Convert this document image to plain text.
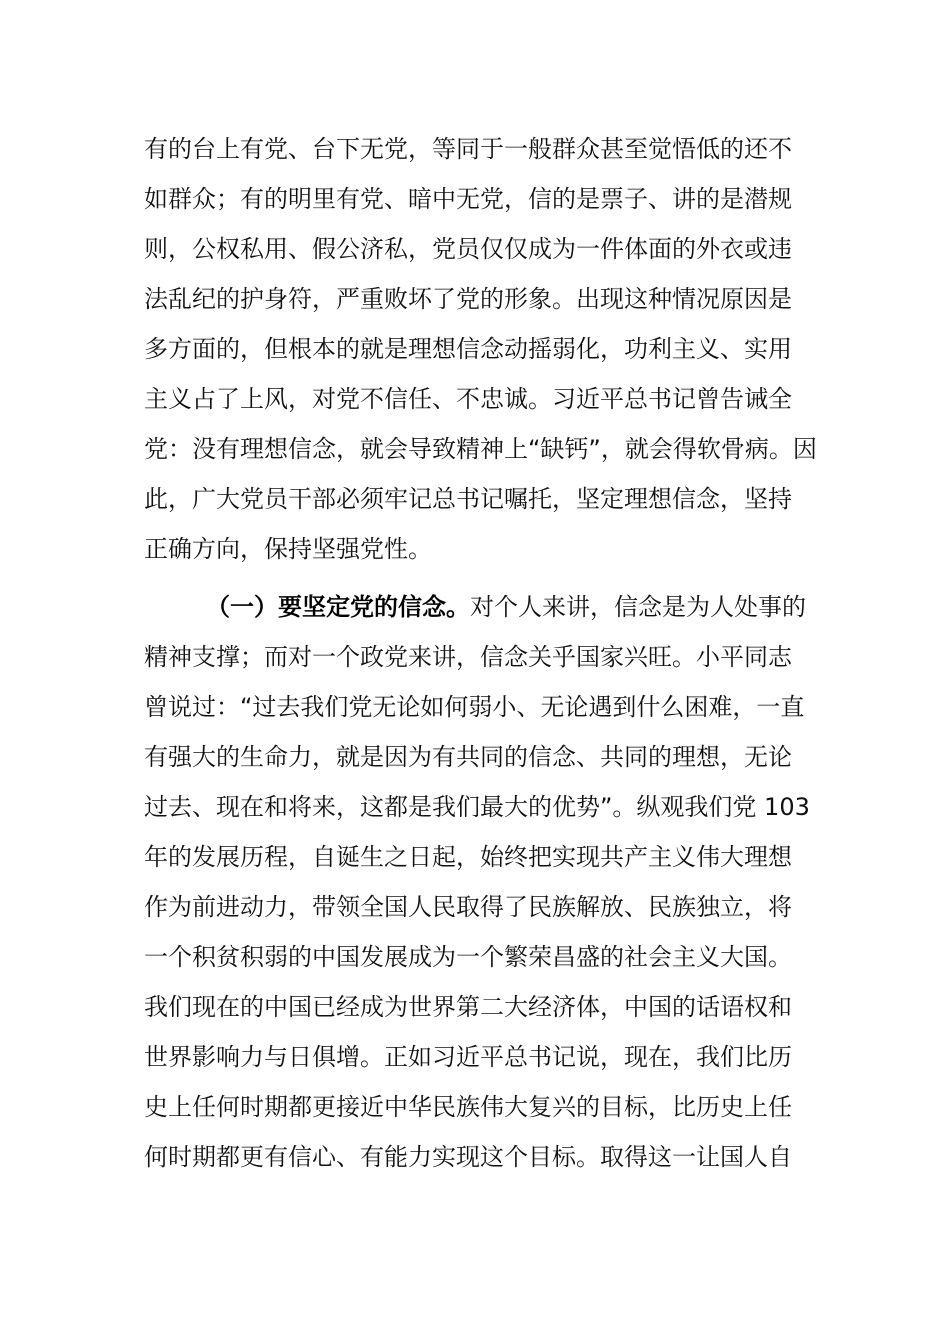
有的台上有党、台下无党，等同于一般群众甚至觉悟低的还不
如群众；有的明里有党、暗中无党，信的是票子、讲的是潜规
则，公权私用、假公济私，党员仅仅成为一件体面的外衣或违
法乱纪的护身符，严重败坏了党的形象。出现这种情况原因是
多方面的，但根本的就是理想信念动摇弱化，功利主义、实用
主义占了上风，对党不信任、不忠诚。习近平总书记曾告诫全
党：没有理想信念，就会导致精神上“缺钙”，就会得软骨病。因
此，广大党员干部必须牢记总书记嘱托，坚定理想信念，坚持
正确方向，保持坚强党性。
（一）要坚定党的信念。对个人来讲，信念是为人处事的
精神支撑；而对一个政党来讲，信念关乎国家兴旺。小平同志
曾说过：“过去我们党无论如何弱小、无论遇到什么困难，一直
有强大的生命力，就是因为有共同的信念、共同的理想，无论
过去、现在和将来，这都是我们最大的优势”。纵观我们党 103
年的发展历程，自诞生之日起，始终把实现共产主义伟大理想
作为前进动力，带领全国人民取得了民族解放、民族独立，将
一个积贫积弱的中国发展成为一个繁荣昌盛的社会主义大国。
我们现在的中国已经成为世界第二大经济体，中国的话语权和
世界影响力与日俱增。正如习近平总书记说，现在，我们比历
史上任何时期都更接近中华民族伟大复兴的目标，比历史上任
何时期都更有信心、有能力实现这个目标。取得这一让国人自
